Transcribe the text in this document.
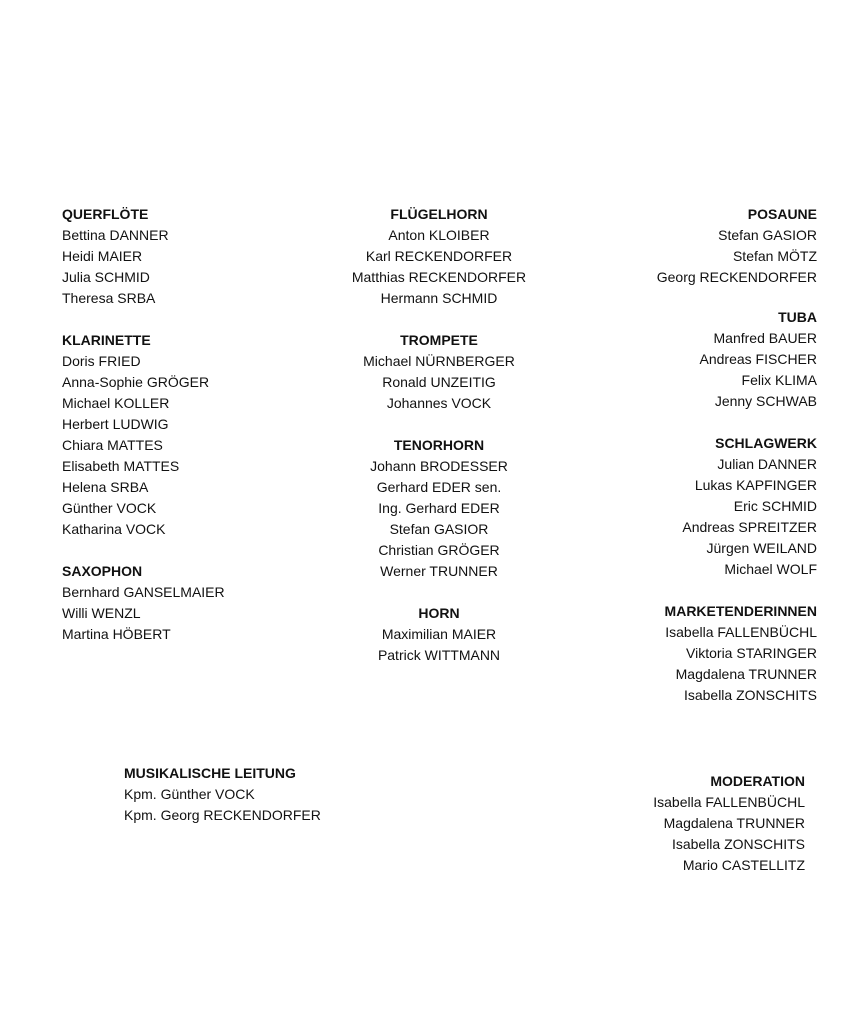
QUERFLÖTE
Bettina DANNER
Heidi MAIER
Julia SCHMID
Theresa SRBA
KLARINETTE
Doris FRIED
Anna-Sophie GRÖGER
Michael KOLLER
Herbert LUDWIG
Chiara MATTES
Elisabeth MATTES
Helena SRBA
Günther VOCK
Katharina VOCK
SAXOPHON
Bernhard GANSELMAIER
Willi WENZL
Martina HÖBERT
FLÜGELHORN
Anton KLOIBER
Karl RECKENDORFER
Matthias RECKENDORFER
Hermann SCHMID
TROMPETE
Michael NÜRNBERGER
Ronald UNZEITIG
Johannes VOCK
TENORHORN
Johann BRODESSER
Gerhard EDER sen.
Ing. Gerhard EDER
Stefan GASIOR
Christian GRÖGER
Werner TRUNNER
HORN
Maximilian MAIER
Patrick WITTMANN
POSAUNE
Stefan GASIOR
Stefan MÖTZ
Georg RECKENDORFER
TUBA
Manfred BAUER
Andreas FISCHER
Felix KLIMA
Jenny SCHWAB
SCHLAGWERK
Julian DANNER
Lukas KAPFINGER
Eric SCHMID
Andreas SPREITZER
Jürgen WEILAND
Michael WOLF
MARKETENDERINNEN
Isabella FALLENBÜCHL
Viktoria STARINGER
Magdalena TRUNNER
Isabella ZONSCHITS
MUSIKALISCHE LEITUNG
Kpm. Günther VOCK
Kpm. Georg RECKENDORFER
MODERATION
Isabella FALLENBÜCHL
Magdalena TRUNNER
Isabella ZONSCHITS
Mario CASTELLITZ
